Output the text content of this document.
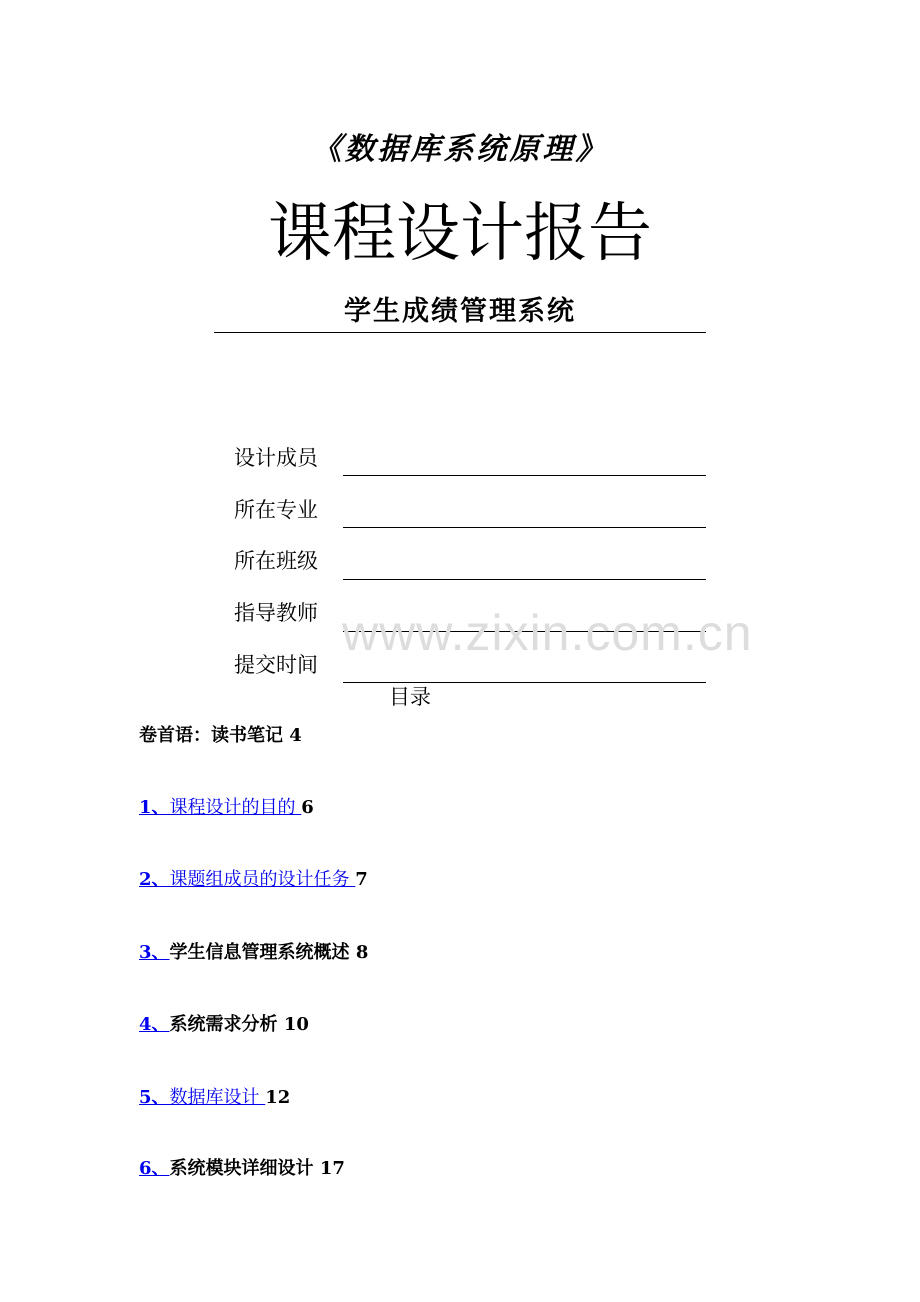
《数据库系统原理》
课程设计报告
学生成绩管理系统
设计成员
所在专业
所在班级
指导教师
提交时间
www.zixin.com.cn
目录
卷首语：读书笔记 4
1、课程设计的目的 6
2、课题组成员的设计任务 7
3、学生信息管理系统概述 8
4、系统需求分析 10
5、数据库设计 12
6、系统模块详细设计 17
